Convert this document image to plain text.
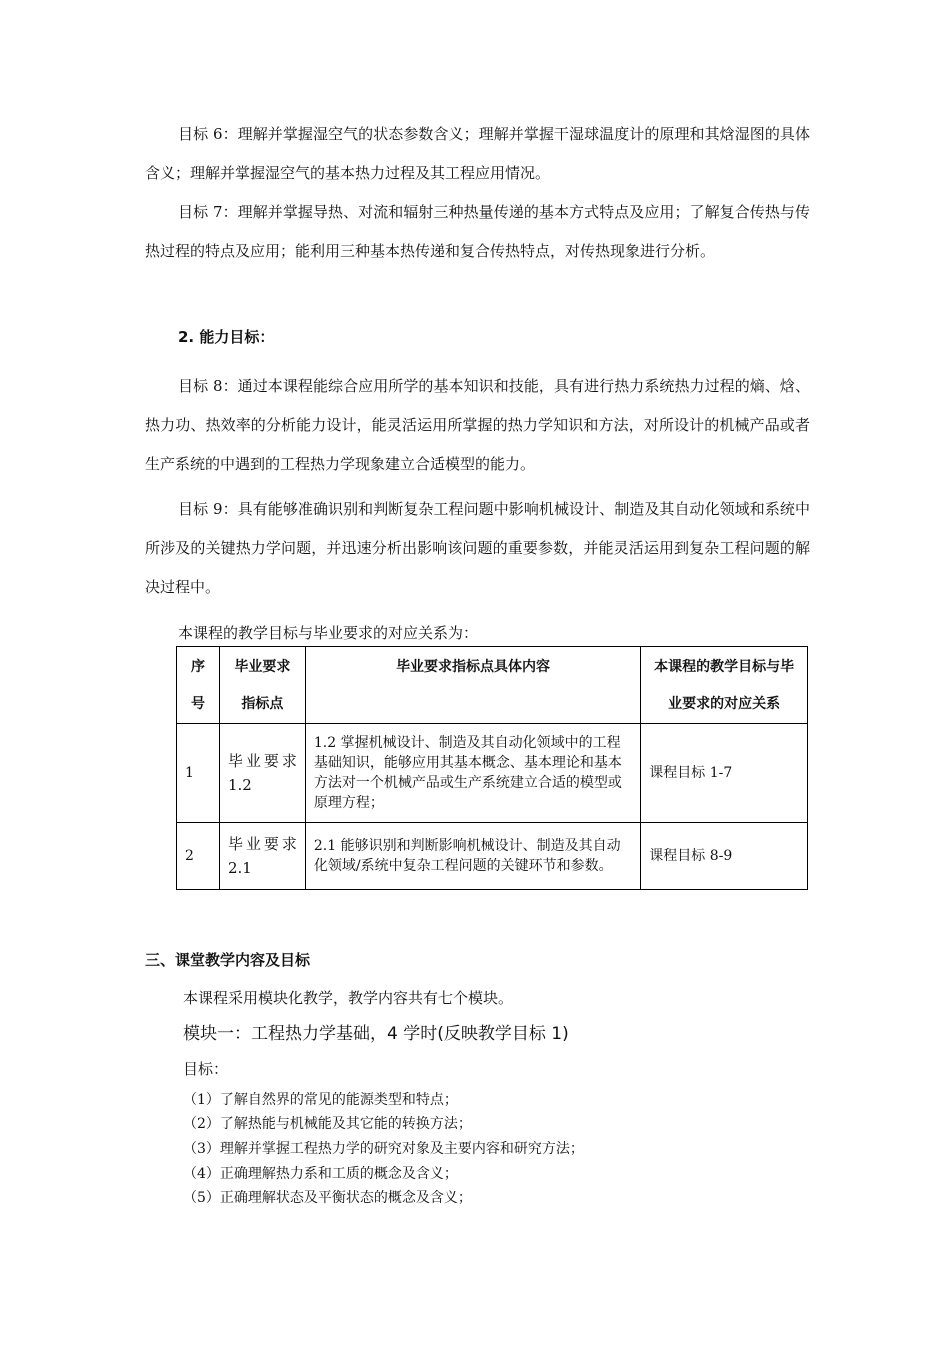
目标 6：理解并掌握湿空气的状态参数含义；理解并掌握干湿球温度计的原理和其焓湿图的具体含义；理解并掌握湿空气的基本热力过程及其工程应用情况。

目标 7：理解并掌握导热、对流和辐射三种热量传递的基本方式特点及应用；了解复合传热与传热过程的特点及应用；能利用三种基本热传递和复合传热特点，对传热现象进行分析。

2. 能力目标：

目标 8：通过本课程能综合应用所学的基本知识和技能，具有进行热力系统热力过程的熵、焓、热力功、热效率的分析能力设计，能灵活运用所掌握的热力学知识和方法，对所设计的机械产品或者生产系统的中遇到的工程热力学现象建立合适模型的能力。

目标 9：具有能够准确识别和判断复杂工程问题中影响机械设计、制造及其自动化领域和系统中所涉及的关键热力学问题，并迅速分析出影响该问题的重要参数，并能灵活运用到复杂工程问题的解决过程中。

本课程的教学目标与毕业要求的对应关系为：

序号	毕业要求指标点	毕业要求指标点具体内容	本课程的教学目标与毕业要求的对应关系
1	毕业要求 1.2	1.2 掌握机械设计、制造及其自动化领域中的工程基础知识，能够应用其基本概念、基本理论和基本方法对一个机械产品或生产系统建立合适的模型或原理方程；	课程目标 1-7
2	毕业要求 2.1	2.1 能够识别和判断影响机械设计、制造及其自动化领域/系统中复杂工程问题的关键环节和参数。	课程目标 8-9

三、课堂教学内容及目标

本课程采用模块化教学，教学内容共有七个模块。

模块一：工程热力学基础，4 学时(反映教学目标 1)

目标：

（1）了解自然界的常见的能源类型和特点；

（2）了解热能与机械能及其它能的转换方法；

（3）理解并掌握工程热力学的研究对象及主要内容和研究方法；

（4）正确理解热力系和工质的概念及含义；

（5）正确理解状态及平衡状态的概念及含义；
